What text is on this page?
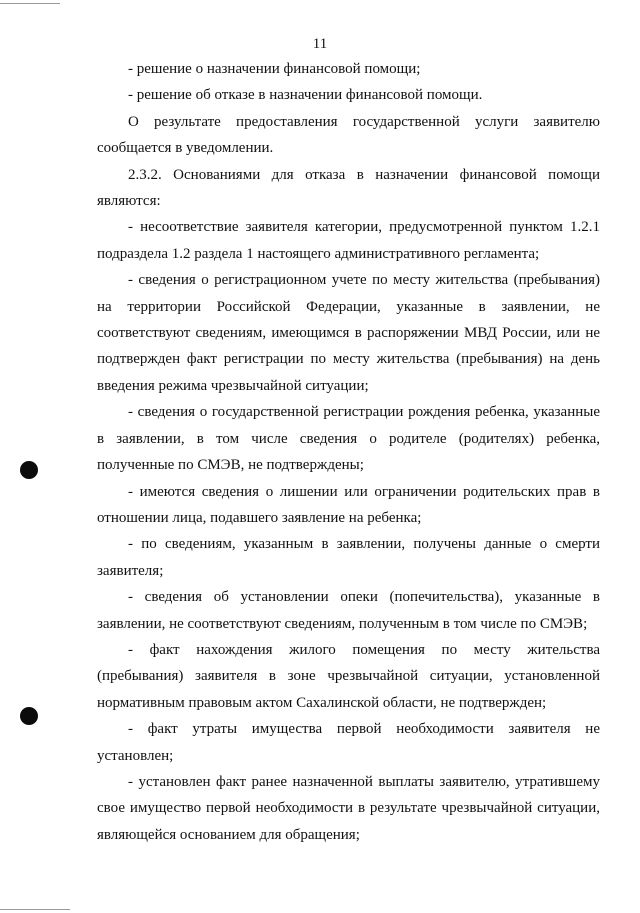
11

- решение о назначении финансовой помощи;

- решение об отказе в назначении финансовой помощи.

О результате предоставления государственной услуги заявителю сообщается в уведомлении.

2.3.2. Основаниями для отказа в назначении финансовой помощи являются:

- несоответствие заявителя категории, предусмотренной пунктом 1.2.1 подраздела 1.2 раздела 1 настоящего административного регламента;

- сведения о регистрационном учете по месту жительства (пребывания) на территории Российской Федерации, указанные в заявлении, не соответствуют сведениям, имеющимся в распоряжении МВД России, или не подтвержден факт регистрации по месту жительства (пребывания) на день введения режима чрезвычайной ситуации;

- сведения о государственной регистрации рождения ребенка, указанные в заявлении, в том числе сведения о родителе (родителях) ребенка, полученные по СМЭВ, не подтверждены;

- имеются сведения о лишении или ограничении родительских прав в отношении лица, подавшего заявление на ребенка;

- по сведениям, указанным в заявлении, получены данные о смерти заявителя;

- сведения об установлении опеки (попечительства), указанные в заявлении, не соответствуют сведениям, полученным в том числе по СМЭВ;

- факт нахождения жилого помещения по месту жительства (пребывания) заявителя в зоне чрезвычайной ситуации, установленной нормативным правовым актом Сахалинской области, не подтвержден;

- факт утраты имущества первой необходимости заявителя не установлен;

- установлен факт ранее назначенной выплаты заявителю, утратившему свое имущество первой необходимости в результате чрезвычайной ситуации, являющейся основанием для обращения;
